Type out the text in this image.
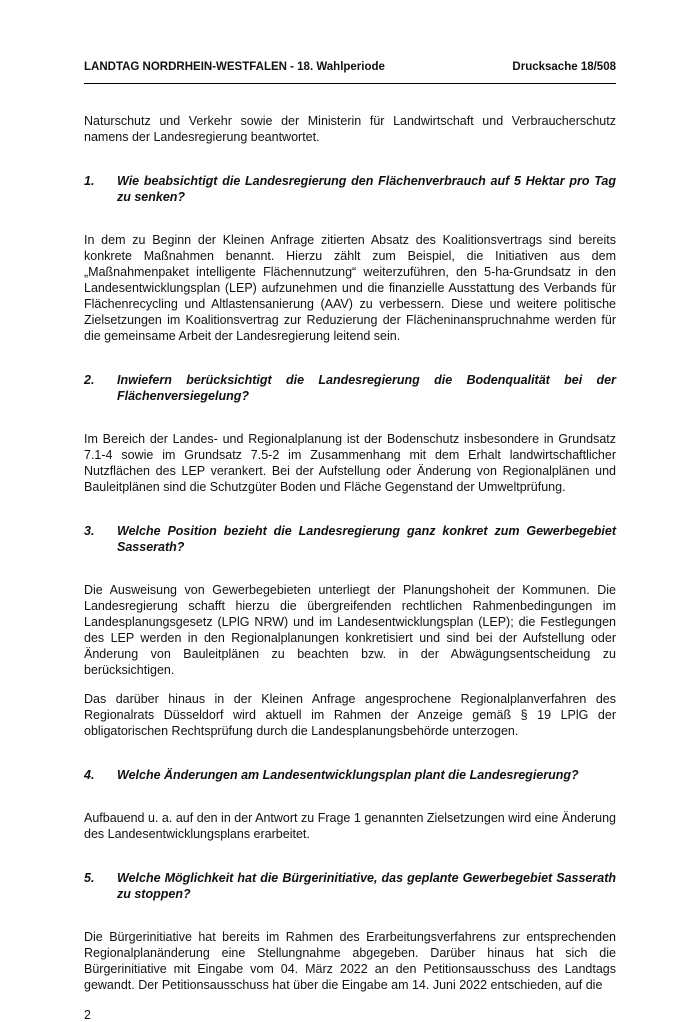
LANDTAG NORDRHEIN-WESTFALEN - 18. Wahlperiode	Drucksache 18/508

Naturschutz und Verkehr sowie der Ministerin für Landwirtschaft und Verbraucherschutz namens der Landesregierung beantwortet.

1.	Wie beabsichtigt die Landesregierung den Flächenverbrauch auf 5 Hektar pro Tag zu senken?

In dem zu Beginn der Kleinen Anfrage zitierten Absatz des Koalitionsvertrags sind bereits konkrete Maßnahmen benannt. Hierzu zählt zum Beispiel, die Initiativen aus dem „Maßnahmenpaket intelligente Flächennutzung“ weiterzuführen, den 5-ha-Grundsatz in den Landesentwicklungsplan (LEP) aufzunehmen und die finanzielle Ausstattung des Verbands für Flächenrecycling und Altlastensanierung (AAV) zu verbessern. Diese und weitere politische Zielsetzungen im Koalitionsvertrag zur Reduzierung der Flächeninanspruchnahme werden für die gemeinsame Arbeit der Landesregierung leitend sein.

2.	Inwiefern berücksichtigt die Landesregierung die Bodenqualität bei der Flächenversiegelung?

Im Bereich der Landes- und Regionalplanung ist der Bodenschutz insbesondere in Grundsatz 7.1-4 sowie im Grundsatz 7.5-2 im Zusammenhang mit dem Erhalt landwirtschaftlicher Nutzflächen des LEP verankert. Bei der Aufstellung oder Änderung von Regionalplänen und Bauleitplänen sind die Schutzgüter Boden und Fläche Gegenstand der Umweltprüfung.

3.	Welche Position bezieht die Landesregierung ganz konkret zum Gewerbegebiet Sasserath?

Die Ausweisung von Gewerbegebieten unterliegt der Planungshoheit der Kommunen. Die Landesregierung schafft hierzu die übergreifenden rechtlichen Rahmenbedingungen im Landesplanungsgesetz (LPlG NRW) und im Landesentwicklungsplan (LEP); die Festlegungen des LEP werden in den Regionalplanungen konkretisiert und sind bei der Aufstellung oder Änderung von Bauleitplänen zu beachten bzw. in der Abwägungsentscheidung zu berücksichtigen.

Das darüber hinaus in der Kleinen Anfrage angesprochene Regionalplanverfahren des Regionalrats Düsseldorf wird aktuell im Rahmen der Anzeige gemäß § 19 LPlG der obligatorischen Rechtsprüfung durch die Landesplanungsbehörde unterzogen.

4.	Welche Änderungen am Landesentwicklungsplan plant die Landesregierung?

Aufbauend u. a. auf den in der Antwort zu Frage 1 genannten Zielsetzungen wird eine Änderung des Landesentwicklungsplans erarbeitet.

5.	Welche Möglichkeit hat die Bürgerinitiative, das geplante Gewerbegebiet Sasserath zu stoppen?

Die Bürgerinitiative hat bereits im Rahmen des Erarbeitungsverfahrens zur entsprechenden Regionalplanänderung eine Stellungnahme abgegeben. Darüber hinaus hat sich die Bürgerinitiative mit Eingabe vom 04. März 2022 an den Petitionsausschuss des Landtags gewandt. Der Petitionsausschuss hat über die Eingabe am 14. Juni 2022 entschieden, auf die

2
